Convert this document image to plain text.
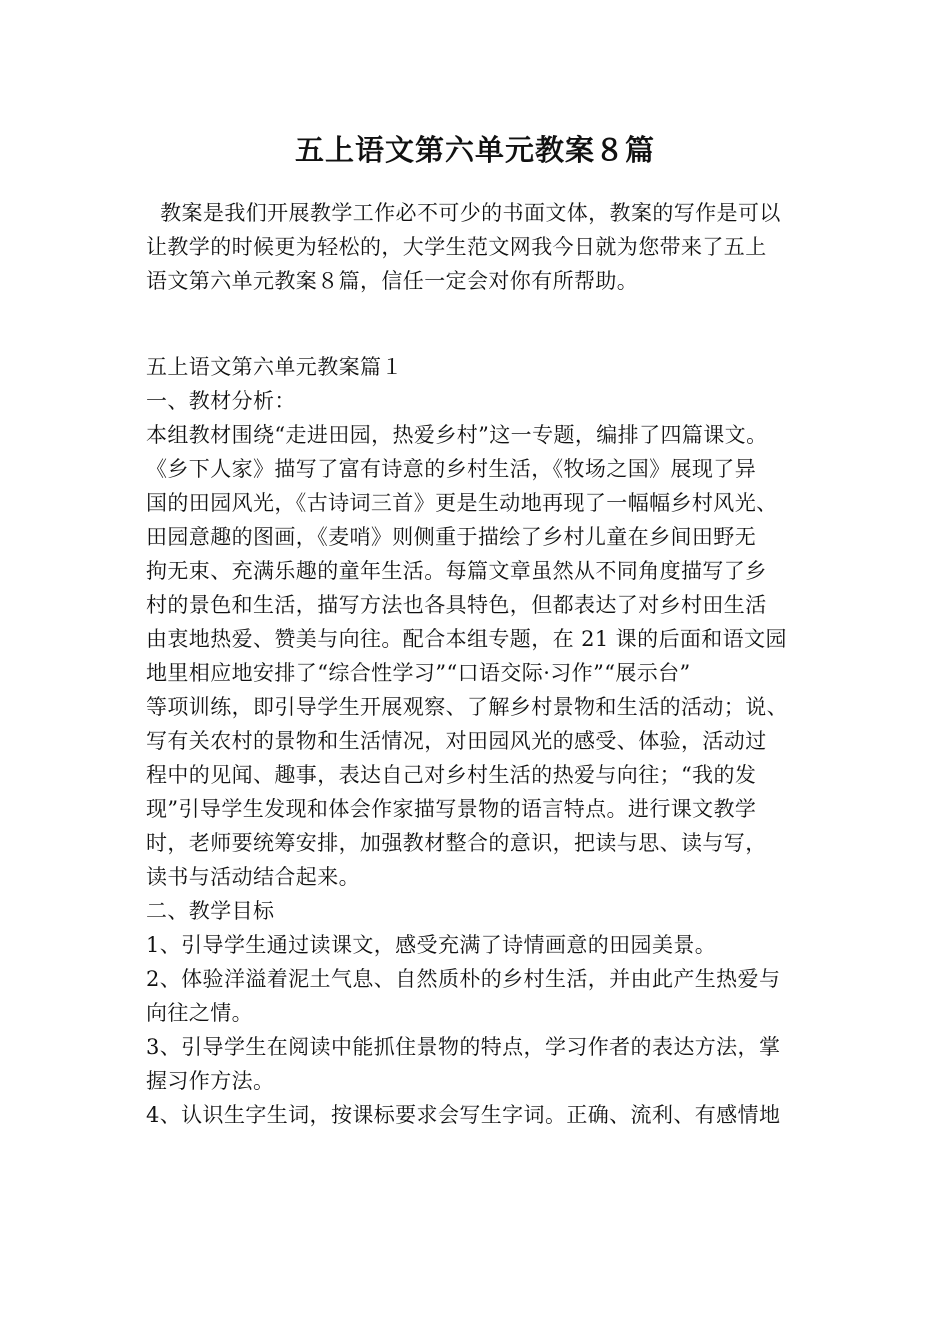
五上语文第六单元教案８篇
教案是我们开展教学工作必不可少的书面文体，教案的写作是可以
让教学的时候更为轻松的，大学生范文网我今日就为您带来了五上
语文第六单元教案８篇，信任一定会对你有所帮助。
五上语文第六单元教案篇１
一、教材分析：
本组教材围绕“走进田园，热爱乡村”这一专题，编排了四篇课文。
《乡下人家》描写了富有诗意的乡村生活，《牧场之国》展现了异
国的田园风光，《古诗词三首》更是生动地再现了一幅幅乡村风光、
田园意趣的图画，《麦哨》则侧重于描绘了乡村儿童在乡间田野无
拘无束、充满乐趣的童年生活。每篇文章虽然从不同角度描写了乡
村的景色和生活，描写方法也各具特色，但都表达了对乡村田生活
由衷地热爱、赞美与向往。配合本组专题，在 21 课的后面和语文园
地里相应地安排了“综合性学习”“口语交际·习作”“展示台”
等项训练，即引导学生开展观察、了解乡村景物和生活的活动；说、
写有关农村的景物和生活情况，对田园风光的感受、体验，活动过
程中的见闻、趣事，表达自己对乡村生活的热爱与向往；“我的发
现”引导学生发现和体会作家描写景物的语言特点。进行课文教学
时，老师要统筹安排，加强教材整合的意识，把读与思、读与写，
读书与活动结合起来。
二、教学目标
1、引导学生通过读课文，感受充满了诗情画意的田园美景。
2、体验洋溢着泥土气息、自然质朴的乡村生活，并由此产生热爱与
向往之情。
3、引导学生在阅读中能抓住景物的特点，学习作者的表达方法，掌
握习作方法。
4、认识生字生词，按课标要求会写生字词。正确、流利、有感情地
